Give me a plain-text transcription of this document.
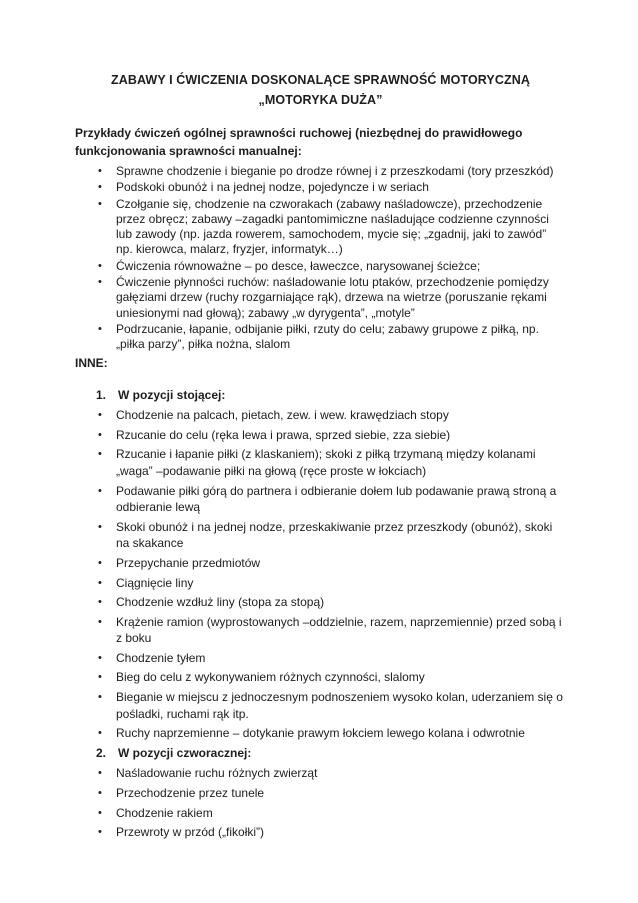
ZABAWY I ĆWICZENIA DOSKONALĄCE SPRAWNOŚĆ MOTORYCZNĄ
„MOTORYKA DUŻA”

Przykłady ćwiczeń ogólnej sprawności ruchowej (niezbędnej do prawidłowego funkcjonowania sprawności manualnej:

•	Sprawne chodzenie i bieganie po drodze równej i z przeszkodami (tory przeszkód)
•	Podskoki obunóż i na jednej nodze, pojedyncze i w seriach
•	Czołganie się, chodzenie na czworakach (zabawy naśladowcze), przechodzenie przez obręcz; zabawy –zagadki pantomimiczne naśladujące codzienne czynności lub zawody (np. jazda rowerem, samochodem, mycie się; „zgadnij, jaki to zawód” np. kierowca, malarz, fryzjer, informatyk…)
•	Ćwiczenia równoważne – po desce, ławeczce, narysowanej ścieżce;
•	Ćwiczenie płynności ruchów: naśladowanie lotu ptaków, przechodzenie pomiędzy gałęziami drzew (ruchy rozgarniające rąk), drzewa na wietrze (poruszanie rękami uniesionymi nad głową); zabawy „w dyrygenta”, „motyle”
•	Podrzucanie, łapanie, odbijanie piłki, rzuty do celu; zabawy grupowe z piłką, np. „piłka parzy”, piłka nożna, slalom

INNE:

1. W pozycji stojącej:
•	Chodzenie na palcach, pietach, zew. i wew. krawędziach stopy
•	Rzucanie do celu (ręka lewa i prawa, sprzed siebie, zza siebie)
•	Rzucanie i łapanie piłki (z klaskaniem); skoki z piłką trzymaną między kolanami „waga” –podawanie piłki na głową (ręce proste w łokciach)
•	Podawanie piłki górą do partnera i odbieranie dołem lub podawanie prawą stroną a odbieranie lewą
•	Skoki obunóż i na jednej nodze, przeskakiwanie przez przeszkody (obunóż), skoki na skakance
•	Przepychanie przedmiotów
•	Ciągnięcie liny
•	Chodzenie wzdłuż liny (stopa za stopą)
•	Krążenie ramion (wyprostowanych –oddzielnie, razem, naprzemiennie) przed sobą i z boku
•	Chodzenie tyłem
•	Bieg do celu z wykonywaniem różnych czynności, slalomy
•	Bieganie w miejscu z jednoczesnym podnoszeniem wysoko kolan, uderzaniem się o pośladki, ruchami rąk itp.
•	Ruchy naprzemienne – dotykanie prawym łokciem lewego kolana i odwrotnie
2. W pozycji czworacznej:
•	Naśladowanie ruchu różnych zwierząt
•	Przechodzenie przez tunele
•	Chodzenie rakiem
•	Przewroty w przód („fikołki”)
